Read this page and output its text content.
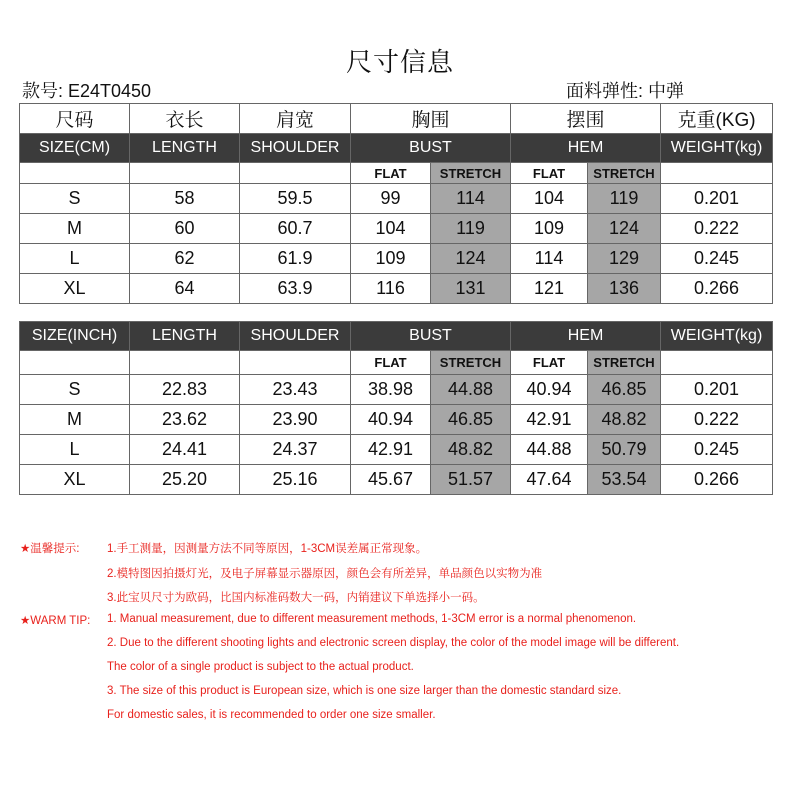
尺寸信息
款号: E24T0450	面料弹性: 中弹
尺码	衣长	肩宽	胸围		摆围		克重(KG)
SIZE(CM)	LENGTH	SHOULDER	BUST		HEM		WEIGHT(kg)
			FLAT	STRETCH	FLAT	STRETCH	
S	58	59.5	99	114	104	119	0.201
M	60	60.7	104	119	109	124	0.222
L	62	61.9	109	124	114	129	0.245
XL	64	63.9	116	131	121	136	0.266
SIZE(INCH)	LENGTH	SHOULDER	BUST		HEM		WEIGHT(kg)
			FLAT	STRETCH	FLAT	STRETCH	
S	22.83	23.43	38.98	44.88	40.94	46.85	0.201
M	23.62	23.90	40.94	46.85	42.91	48.82	0.222
L	24.41	24.37	42.91	48.82	44.88	50.79	0.245
XL	25.20	25.16	45.67	51.57	47.64	53.54	0.266
★温馨提示: 1.手工测量，因测量方法不同等原因，1-3CM误差属正常现象。
2.模特图因拍摄灯光，及电子屏幕显示器原因，颜色会有所差异，单品颜色以实物为准
3.此宝贝尺寸为欧码，比国内标准码数大一码，内销建议下单选择小一码。
★WARM TIP: 1. Manual measurement, due to different measurement methods, 1-3CM error is a normal phenomenon.
2. Due to the different shooting lights and electronic screen display, the color of the model image will be different.
The color of a single product is subject to the actual product.
3. The size of this product is European size, which is one size larger than the domestic standard size.
For domestic sales, it is recommended to order one size smaller.
